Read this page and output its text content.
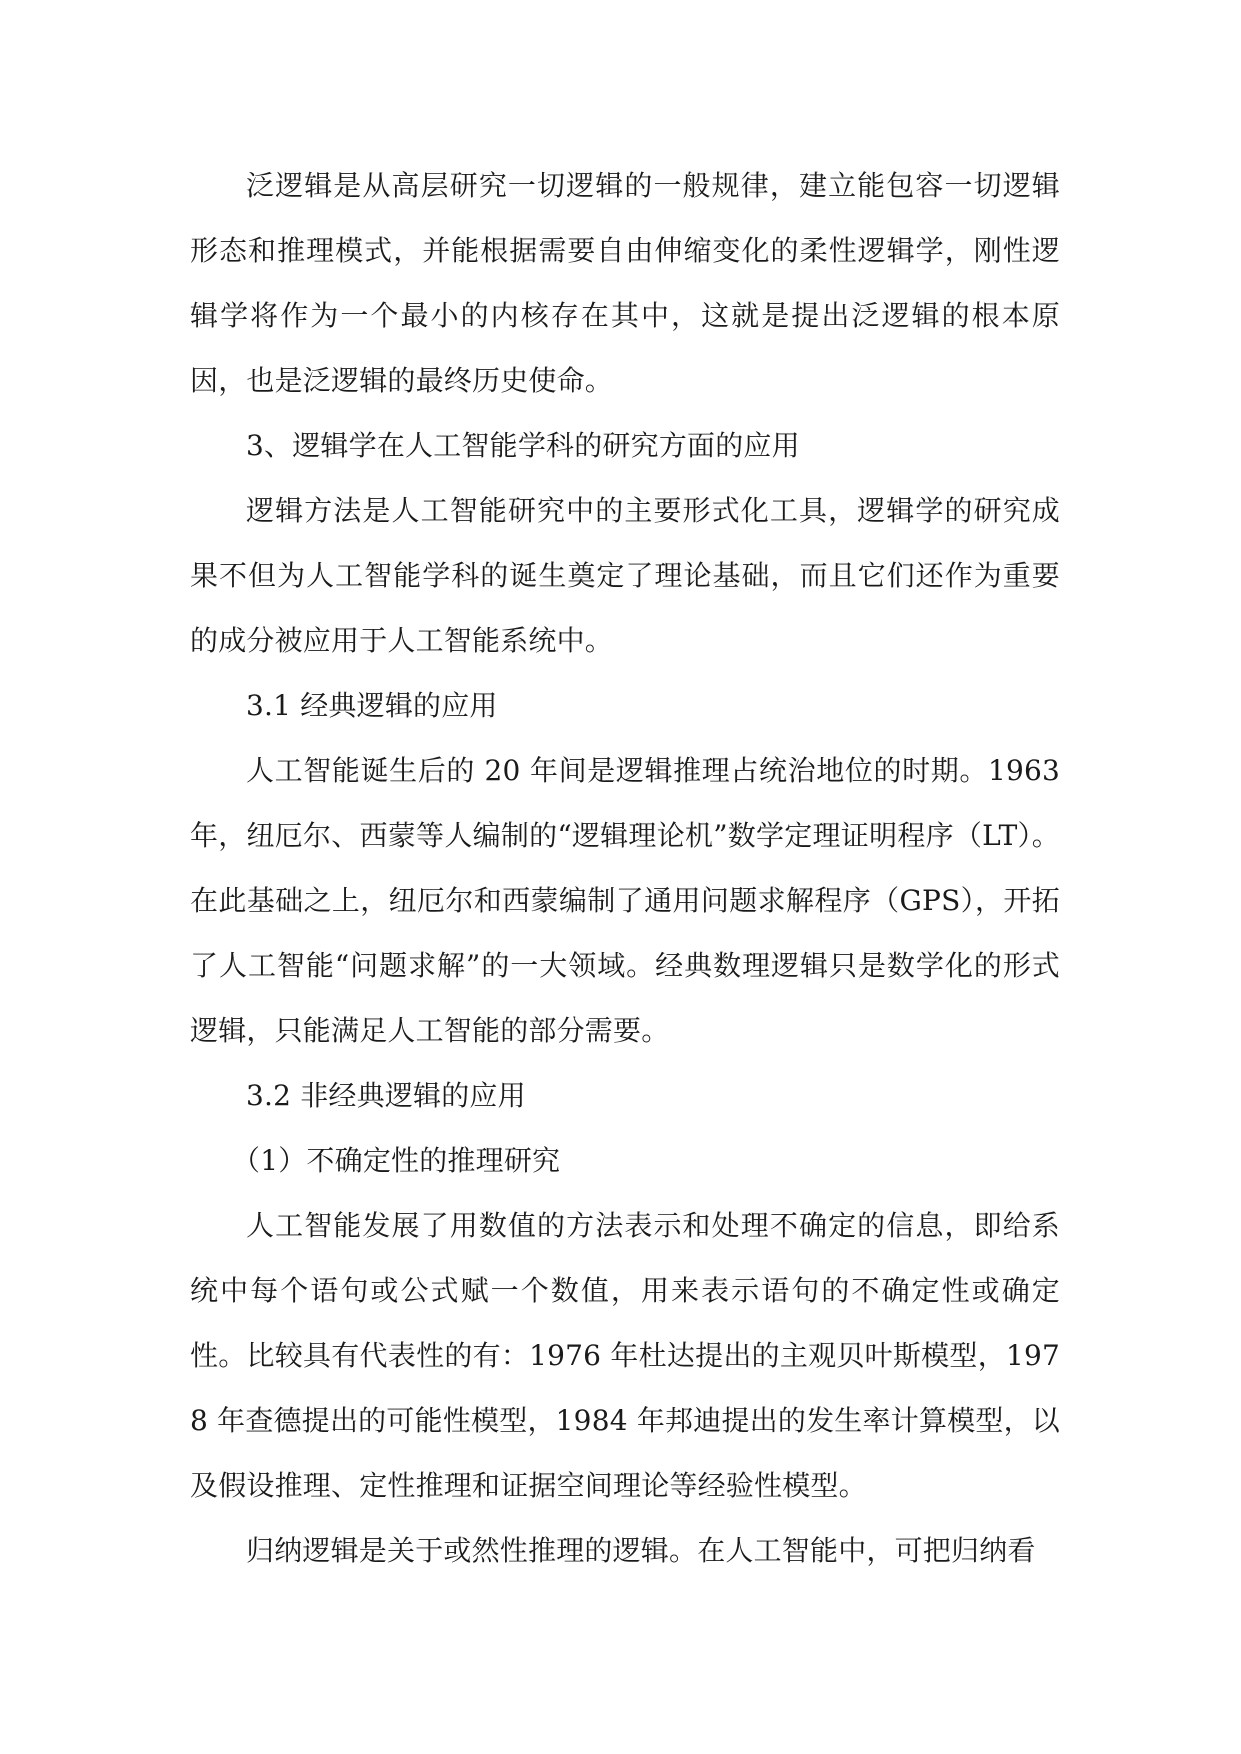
泛逻辑是从高层研究一切逻辑的一般规律，建立能包容一切逻辑形态和推理模式，并能根据需要自由伸缩变化的柔性逻辑学，刚性逻辑学将作为一个最小的内核存在其中，这就是提出泛逻辑的根本原因，也是泛逻辑的最终历史使命。

3、逻辑学在人工智能学科的研究方面的应用

逻辑方法是人工智能研究中的主要形式化工具，逻辑学的研究成果不但为人工智能学科的诞生奠定了理论基础，而且它们还作为重要的成分被应用于人工智能系统中。

3.1 经典逻辑的应用

人工智能诞生后的 20 年间是逻辑推理占统治地位的时期。1963 年，纽厄尔、西蒙等人编制的“逻辑理论机”数学定理证明程序（LT）。在此基础之上，纽厄尔和西蒙编制了通用问题求解程序（GPS），开拓了人工智能“问题求解”的一大领域。经典数理逻辑只是数学化的形式逻辑，只能满足人工智能的部分需要。

3.2 非经典逻辑的应用

（1）不确定性的推理研究

人工智能发展了用数值的方法表示和处理不确定的信息，即给系统中每个语句或公式赋一个数值，用来表示语句的不确定性或确定性。比较具有代表性的有：1976 年杜达提出的主观贝叶斯模型，1978 年查德提出的可能性模型，1984 年邦迪提出的发生率计算模型，以及假设推理、定性推理和证据空间理论等经验性模型。

归纳逻辑是关于或然性推理的逻辑。在人工智能中，可把归纳看
